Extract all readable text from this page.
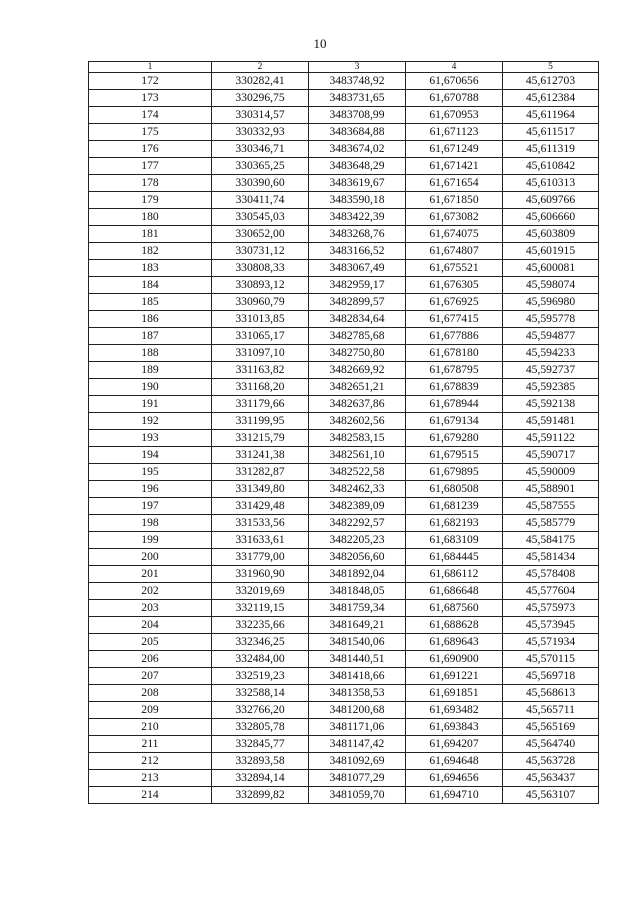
10
1	2	3	4	5
172	330282,41	3483748,92	61,670656	45,612703
173	330296,75	3483731,65	61,670788	45,612384
174	330314,57	3483708,99	61,670953	45,611964
175	330332,93	3483684,88	61,671123	45,611517
176	330346,71	3483674,02	61,671249	45,611319
177	330365,25	3483648,29	61,671421	45,610842
178	330390,60	3483619,67	61,671654	45,610313
179	330411,74	3483590,18	61,671850	45,609766
180	330545,03	3483422,39	61,673082	45,606660
181	330652,00	3483268,76	61,674075	45,603809
182	330731,12	3483166,52	61,674807	45,601915
183	330808,33	3483067,49	61,675521	45,600081
184	330893,12	3482959,17	61,676305	45,598074
185	330960,79	3482899,57	61,676925	45,596980
186	331013,85	3482834,64	61,677415	45,595778
187	331065,17	3482785,68	61,677886	45,594877
188	331097,10	3482750,80	61,678180	45,594233
189	331163,82	3482669,92	61,678795	45,592737
190	331168,20	3482651,21	61,678839	45,592385
191	331179,66	3482637,86	61,678944	45,592138
192	331199,95	3482602,56	61,679134	45,591481
193	331215,79	3482583,15	61,679280	45,591122
194	331241,38	3482561,10	61,679515	45,590717
195	331282,87	3482522,58	61,679895	45,590009
196	331349,80	3482462,33	61,680508	45,588901
197	331429,48	3482389,09	61,681239	45,587555
198	331533,56	3482292,57	61,682193	45,585779
199	331633,61	3482205,23	61,683109	45,584175
200	331779,00	3482056,60	61,684445	45,581434
201	331960,90	3481892,04	61,686112	45,578408
202	332019,69	3481848,05	61,686648	45,577604
203	332119,15	3481759,34	61,687560	45,575973
204	332235,66	3481649,21	61,688628	45,573945
205	332346,25	3481540,06	61,689643	45,571934
206	332484,00	3481440,51	61,690900	45,570115
207	332519,23	3481418,66	61,691221	45,569718
208	332588,14	3481358,53	61,691851	45,568613
209	332766,20	3481200,68	61,693482	45,565711
210	332805,78	3481171,06	61,693843	45,565169
211	332845,77	3481147,42	61,694207	45,564740
212	332893,58	3481092,69	61,694648	45,563728
213	332894,14	3481077,29	61,694656	45,563437
214	332899,82	3481059,70	61,694710	45,563107
